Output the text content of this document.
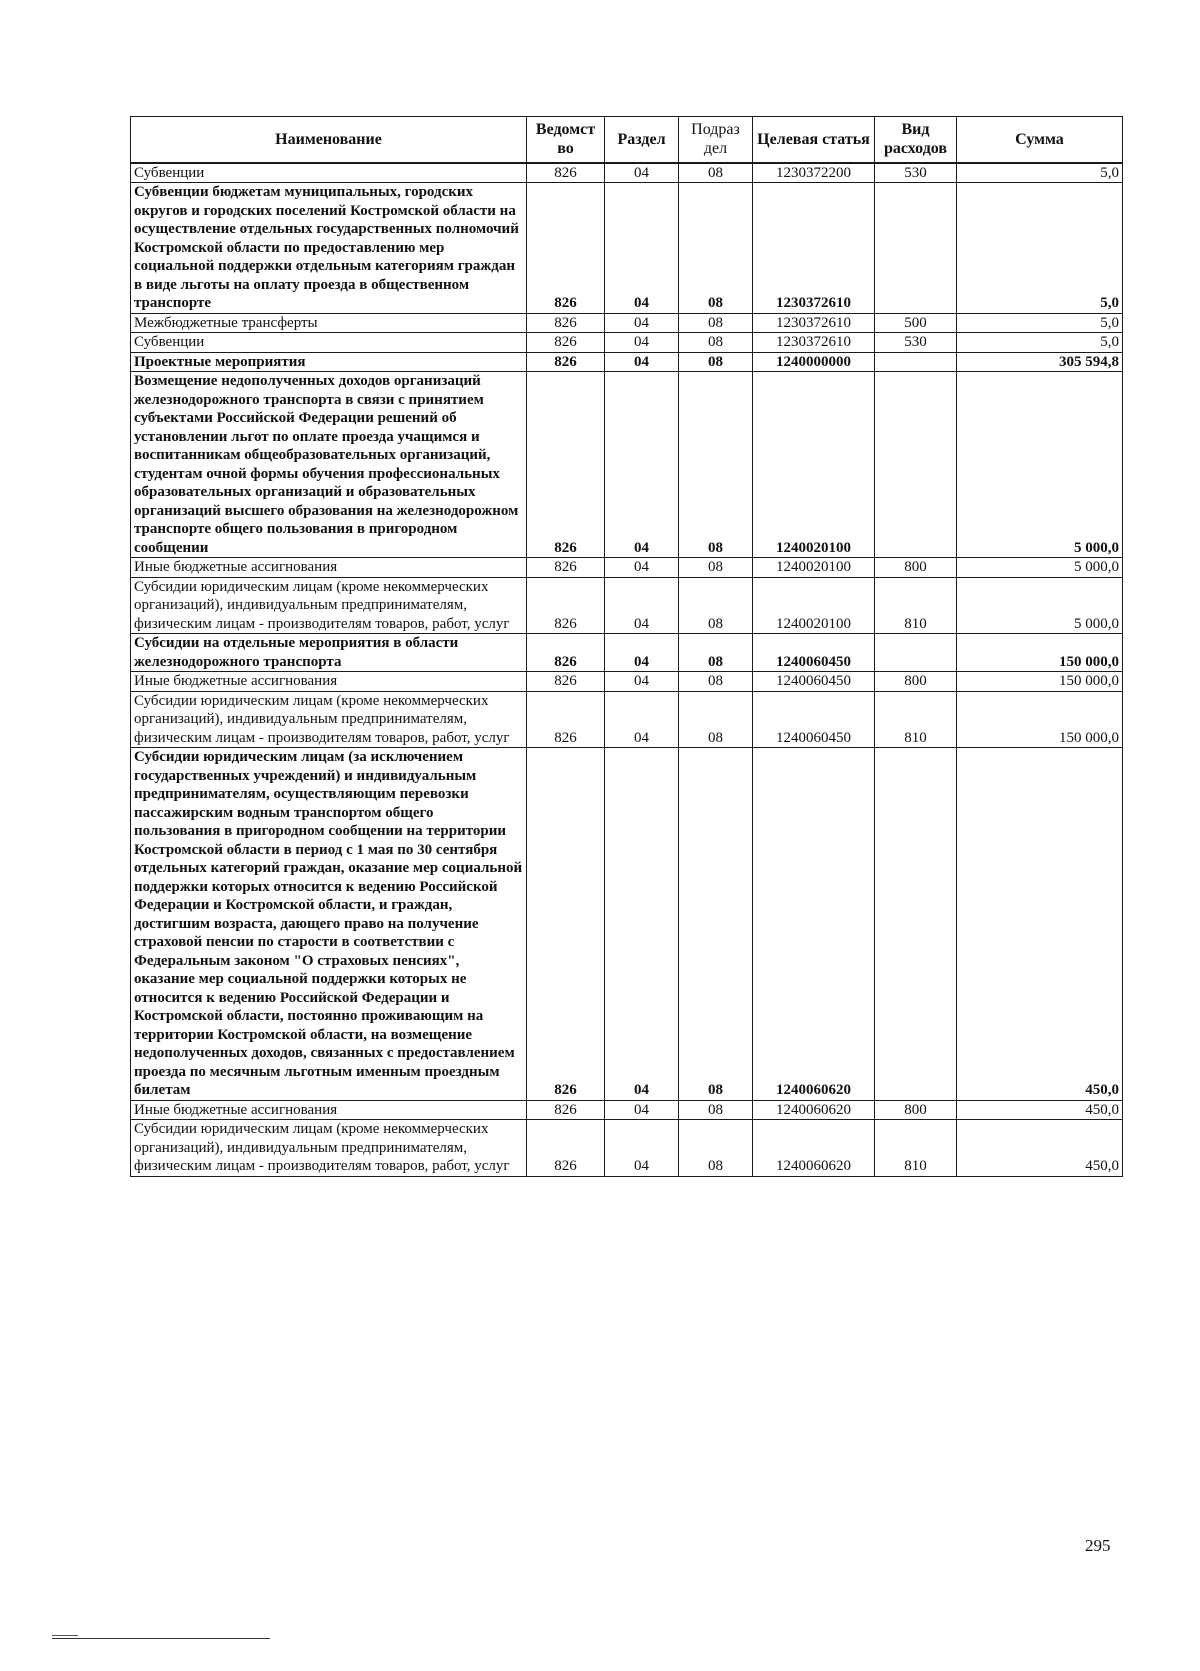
Наименование	Ведомст во	Раздел	Подраз дел	Целевая статья	Вид расходов	Сумма
Субвенции	826	04	08	1230372200	530	5,0
Субвенции бюджетам муниципальных, городских округов и городских поселений Костромской области на осуществление отдельных государственных полномочий Костромской области по предоставлению мер социальной поддержки отдельным категориям граждан в виде льготы на оплату проезда в общественном транспорте	826	04	08	1230372610		5,0
Межбюджетные трансферты	826	04	08	1230372610	500	5,0
Субвенции	826	04	08	1230372610	530	5,0
Проектные мероприятия	826	04	08	1240000000		305 594,8
Возмещение недополученных доходов организаций железнодорожного транспорта в связи с принятием субъектами Российской Федерации решений об установлении льгот по оплате проезда учащимся и воспитанникам общеобразовательных организаций, студентам очной формы обучения профессиональных образовательных организаций и образовательных организаций высшего образования на железнодорожном транспорте общего пользования в пригородном сообщении	826	04	08	1240020100		5 000,0
Иные бюджетные ассигнования	826	04	08	1240020100	800	5 000,0
Субсидии юридическим лицам (кроме некоммерческих организаций), индивидуальным предпринимателям, физическим лицам - производителям товаров, работ, услуг	826	04	08	1240020100	810	5 000,0
Субсидии на отдельные мероприятия в области железнодорожного транспорта	826	04	08	1240060450		150 000,0
Иные бюджетные ассигнования	826	04	08	1240060450	800	150 000,0
Субсидии юридическим лицам (кроме некоммерческих организаций), индивидуальным предпринимателям, физическим лицам - производителям товаров, работ, услуг	826	04	08	1240060450	810	150 000,0
Субсидии юридическим лицам (за исключением государственных учреждений) и индивидуальным предпринимателям, осуществляющим перевозки пассажирским водным транспортом общего пользования в пригородном сообщении на территории Костромской области в период с 1 мая по 30 сентября отдельных категорий граждан, оказание мер социальной поддержки которых относится к ведению Российской Федерации и Костромской области, и граждан, достигшим возраста, дающего право на получение страховой пенсии по старости в соответствии с Федеральным законом "О страховых пенсиях", оказание мер социальной поддержки которых не относится к ведению Российской Федерации и Костромской области, постоянно проживающим на территории Костромской области, на возмещение недополученных доходов, связанных с предоставлением проезда по месячным льготным именным проездным билетам	826	04	08	1240060620		450,0
Иные бюджетные ассигнования	826	04	08	1240060620	800	450,0
Субсидии юридическим лицам (кроме некоммерческих организаций), индивидуальным предпринимателям, физическим лицам - производителям товаров, работ, услуг	826	04	08	1240060620	810	450,0
295
